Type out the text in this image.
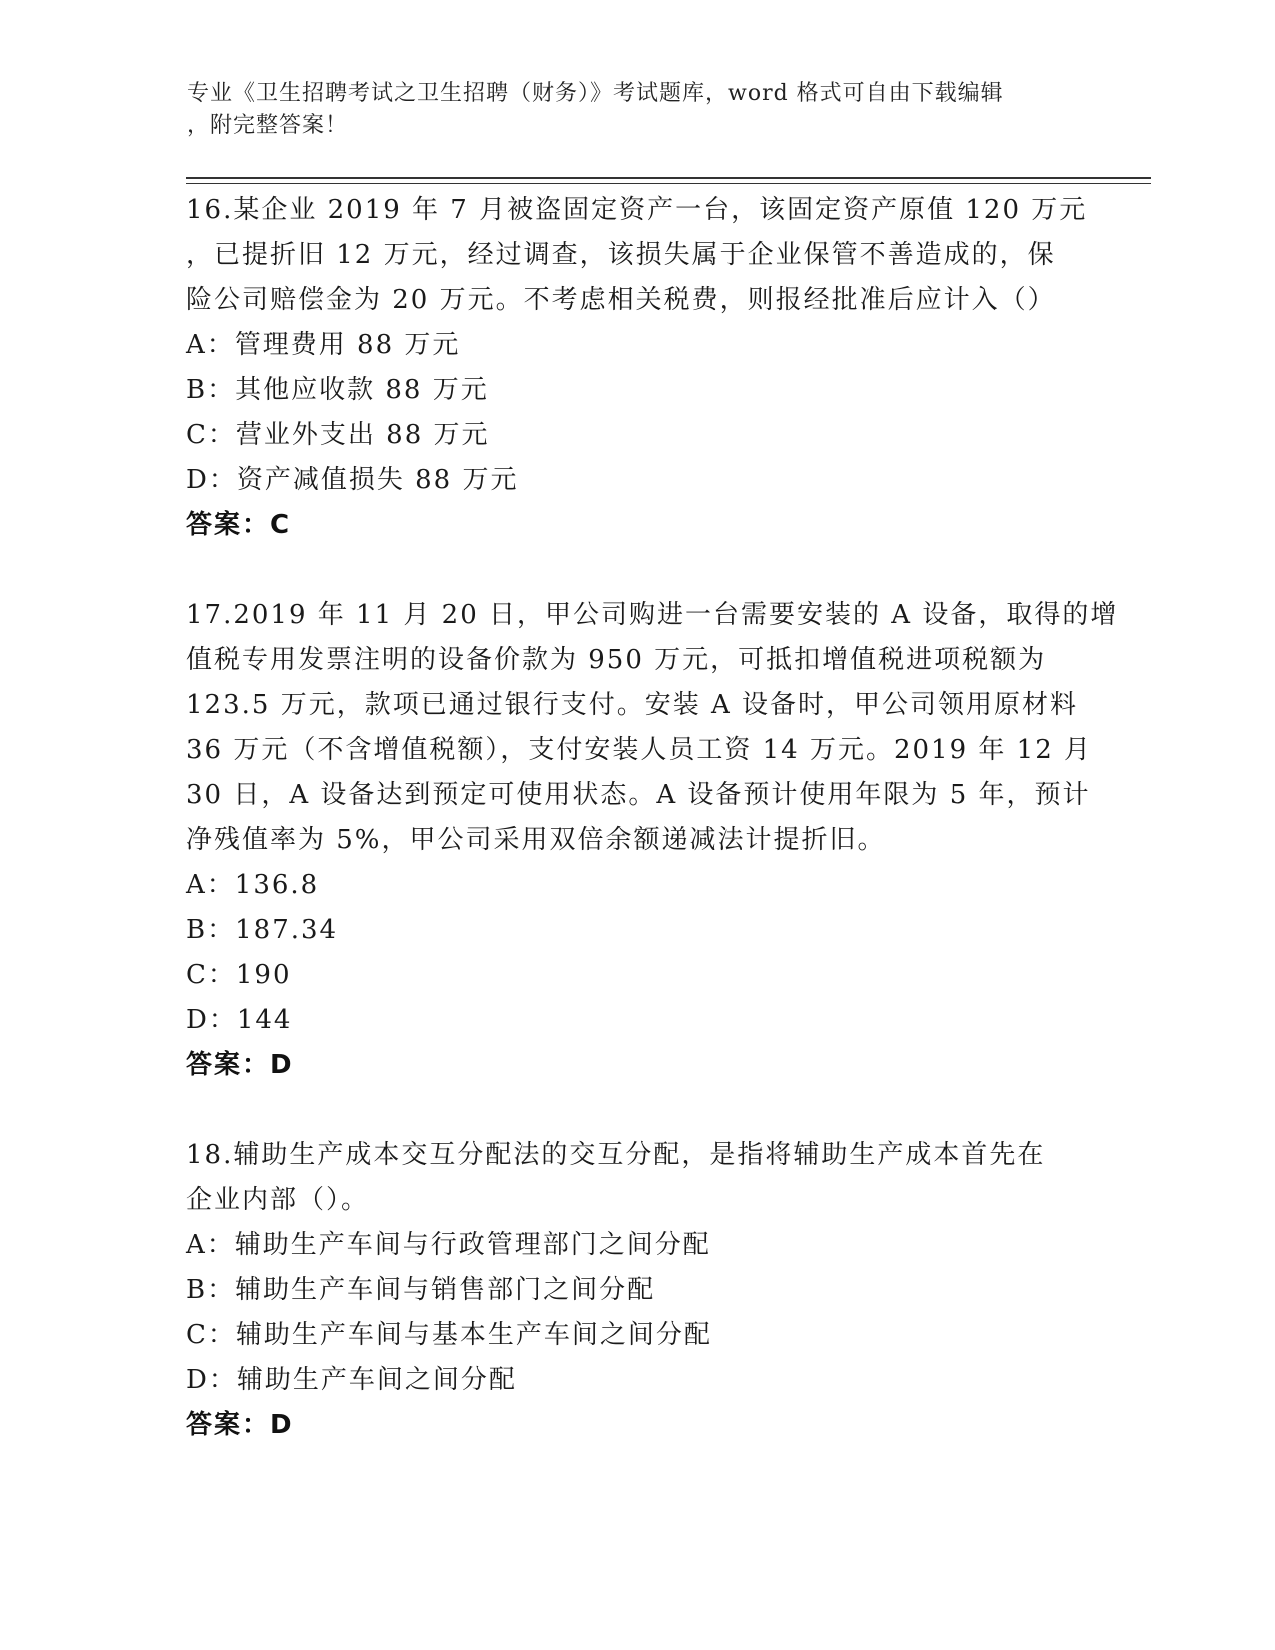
专业《卫生招聘考试之卫生招聘（财务）》考试题库，word 格式可自由下载编辑
，附完整答案！
16.某企业 2019 年 7 月被盗固定资产一台，该固定资产原值 120 万元
，已提折旧 12 万元，经过调查，该损失属于企业保管不善造成的，保
险公司赔偿金为 20 万元。不考虑相关税费，则报经批准后应计入（）
A：管理费用 88 万元
B：其他应收款 88 万元
C：营业外支出 88 万元
D：资产减值损失 88 万元
答案：C
17.2019 年 11 月 20 日，甲公司购进一台需要安装的 A 设备，取得的增
值税专用发票注明的设备价款为 950 万元，可抵扣增值税进项税额为
123.5 万元，款项已通过银行支付。安装 A 设备时，甲公司领用原材料
36 万元（不含增值税额），支付安装人员工资 14 万元。2019 年 12 月
30 日，A 设备达到预定可使用状态。A 设备预计使用年限为 5 年，预计
净残值率为 5%，甲公司采用双倍余额递减法计提折旧。
A：136.8
B：187.34
C：190
D：144
答案：D
18.辅助生产成本交互分配法的交互分配，是指将辅助生产成本首先在
企业内部（）。
A：辅助生产车间与行政管理部门之间分配
B：辅助生产车间与销售部门之间分配
C：辅助生产车间与基本生产车间之间分配
D：辅助生产车间之间分配
答案：D
